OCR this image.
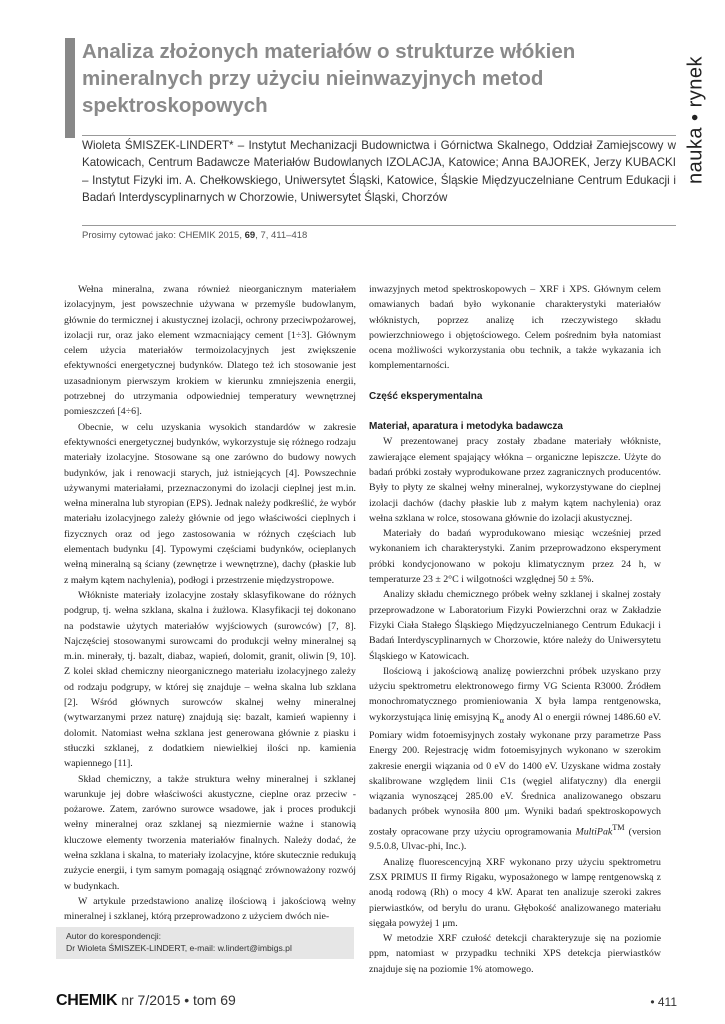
nauka • rynek
Analiza złożonych materiałów o strukturze włókien mineralnych przy użyciu nieinwazyjnych metod spektroskopowych

Wioleta ŚMISZEK-LINDERT* – Instytut Mechanizacji Budownictwa i Górnictwa Skalnego, Oddział Zamiejscowy w Katowicach, Centrum Badawcze Materiałów Budowlanych IZOLACJA, Katowice; Anna BAJOREK, Jerzy KUBACKI – Instytut Fizyki im. A. Chełkowskiego, Uniwersytet Śląski, Katowice, Śląskie Międzyuczelniane Centrum Edukacji i Badań Interdyscyplinarnych w Chorzowie, Uniwersytet Śląski, Chorzów

Prosimy cytować jako: CHEMIK 2015, 69, 7, 411–418

Wełna mineralna, zwana również nieorganicznym materiałem izolacyjnym, jest powszechnie używana w przemyśle budowlanym, głównie do termicznej i akustycznej izolacji, ochrony przeciwpożarowej, izolacji rur, oraz jako element wzmacniający cement [1÷3]. Głównym celem użycia materiałów termoizolacyjnych jest zwiększenie efektywności energetycznej budynków. Dlatego też ich stosowanie jest uzasadnionym pierwszym krokiem w kierunku zmniejszenia energii, potrzebnej do utrzymania odpowiedniej temperatury wewnętrznej pomieszczeń [4÷6].

Obecnie, w celu uzyskania wysokich standardów w zakresie efektywności energetycznej budynków, wykorzystuje się różnego rodzaju materiały izolacyjne. Stosowane są one zarówno do budowy nowych budynków, jak i renowacji starych, już istniejących [4]. Powszechnie używanymi materiałami, przeznaczonymi do izolacji cieplnej jest m.in. wełna mineralna lub styropian (EPS). Jednak należy podkreślić, że wybór materiału izolacyjnego zależy głównie od jego właściwości cieplnych i fizycznych oraz od jego zastosowania w różnych częściach lub elementach budynku [4]. Typowymi częściami budynków, ocieplanych wełną mineralną są ściany (zewnętrze i wewnętrzne), dachy (płaskie lub z małym kątem nachylenia), podłogi i przestrzenie międzystropowe.

Włókniste materiały izolacyjne zostały sklasyfikowane do różnych podgrup, tj. wełna szklana, skalna i żużlowa. Klasyfikacji tej dokonano na podstawie użytych materiałów wyjściowych (surowców) [7, 8]. Najczęściej stosowanymi surowcami do produkcji wełny mineralnej są m.in. minerały, tj. bazalt, diabaz, wapień, dolomit, granit, oliwin [9, 10]. Z kolei skład chemiczny nieorganicznego materiału izolacyjnego zależy od rodzaju podgrupy, w której się znajduje – wełna skalna lub szklana [2]. Wśród głównych surowców skalnej wełny mineralnej (wytwarzanymi przez naturę) znajdują się: bazalt, kamień wapienny i dolomit. Natomiast wełna szklana jest generowana głównie z piasku i stłuczki szklanej, z dodatkiem niewielkiej ilości np. kamienia wapiennego [11].

Skład chemiczny, a także struktura wełny mineralnej i szklanej warunkuje jej dobre właściwości akustyczne, cieplne oraz przeciw - pożarowe. Zatem, zarówno surowce wsadowe, jak i proces produkcji wełny mineralnej oraz szklanej są niezmiernie ważne i stanowią kluczowe elementy tworzenia materiałów finalnych. Należy dodać, że wełna szklana i skalna, to materiały izolacyjne, które skutecznie redukują zużycie energii, i tym samym pomagają osiągnąć zrównoważony rozwój w budynkach.

W artykule przedstawiono analizę ilościową i jakościową wełny mineralnej i szklanej, którą przeprowadzono z użyciem dwóch nie-

inwazyjnych metod spektroskopowych – XRF i XPS. Głównym celem omawianych badań było wykonanie charakterystyki materiałów włóknistych, poprzez analizę ich rzeczywistego składu powierzchniowego i objętościowego. Celem pośrednim była natomiast ocena możliwości wykorzystania obu technik, a także wykazania ich komplementarności.

Część eksperymentalna

Materiał, aparatura i metodyka badawcza

W prezentowanej pracy zostały zbadane materiały włókniste, zawierające element spajający włókna – organiczne lepiszcze. Użyte do badań próbki zostały wyprodukowane przez zagranicznych producentów. Były to płyty ze skalnej wełny mineralnej, wykorzystywane do cieplnej izolacji dachów (dachy płaskie lub z małym kątem nachylenia) oraz wełna szklana w rolce, stosowana głównie do izolacji akustycznej.

Materiały do badań wyprodukowano miesiąc wcześniej przed wykonaniem ich charakterystyki. Zanim przeprowadzono eksperyment próbki kondycjonowano w pokoju klimatycznym przez 24 h, w temperaturze 23 ± 2°C i wilgotności względnej 50 ± 5%.

Analizy składu chemicznego próbek wełny szklanej i skalnej zostały przeprowadzone w Laboratorium Fizyki Powierzchni oraz w Zakładzie Fizyki Ciała Stałego Śląskiego Międzyuczelnianego Centrum Edukacji i Badań Interdyscyplinarnych w Chorzowie, które należy do Uniwersytetu Śląskiego w Katowicach.

Ilościową i jakościową analizę powierzchni próbek uzyskano przy użyciu spektrometru elektronowego firmy VG Scienta R3000. Źródłem monochromatycznego promieniowania X była lampa rentgenowska, wykorzystująca linię emisyjną $K_\alpha$ anody Al o energii równej 1486.60 eV. Pomiary widm fotoemisyjnych zostały wykonane przy parametrze Pass Energy 200. Rejestrację widm fotoemisyjnych wykonano w szerokim zakresie energii wiązania od 0 eV do 1400 eV. Uzyskane widma zostały skalibrowane względem linii C1s (węgiel alifatyczny) dla energii wiązania wynoszącej 285.00 eV. Średnica analizowanego obszaru badanych próbek wynosiła 800 μm. Wyniki badań spektroskopowych zostały opracowane przy użyciu oprogramowania MultiPak™ (version 9.5.0.8, Ulvac-phi, Inc.).

Analizę fluorescencyjną XRF wykonano przy użyciu spektrometru ZSX PRIMUS II firmy Rigaku, wyposażonego w lampę rentgenowską z anodą rodową (Rh) o mocy 4 kW. Aparat ten analizuje szeroki zakres pierwiastków, od berylu do uranu. Głębokość analizowanego materiału sięgała powyżej 1 μm.

W metodzie XRF czułość detekcji charakteryzuje się na poziomie ppm, natomiast w przypadku techniki XPS detekcja pierwiastków znajduje się na poziomie 1% atomowego.

Autor do korespondencji:
Dr Wioleta ŚMISZEK-LINDERT, e-mail: w.lindert@imbigs.pl
CHEMIK nr 7/2015 • tom 69	• 411
